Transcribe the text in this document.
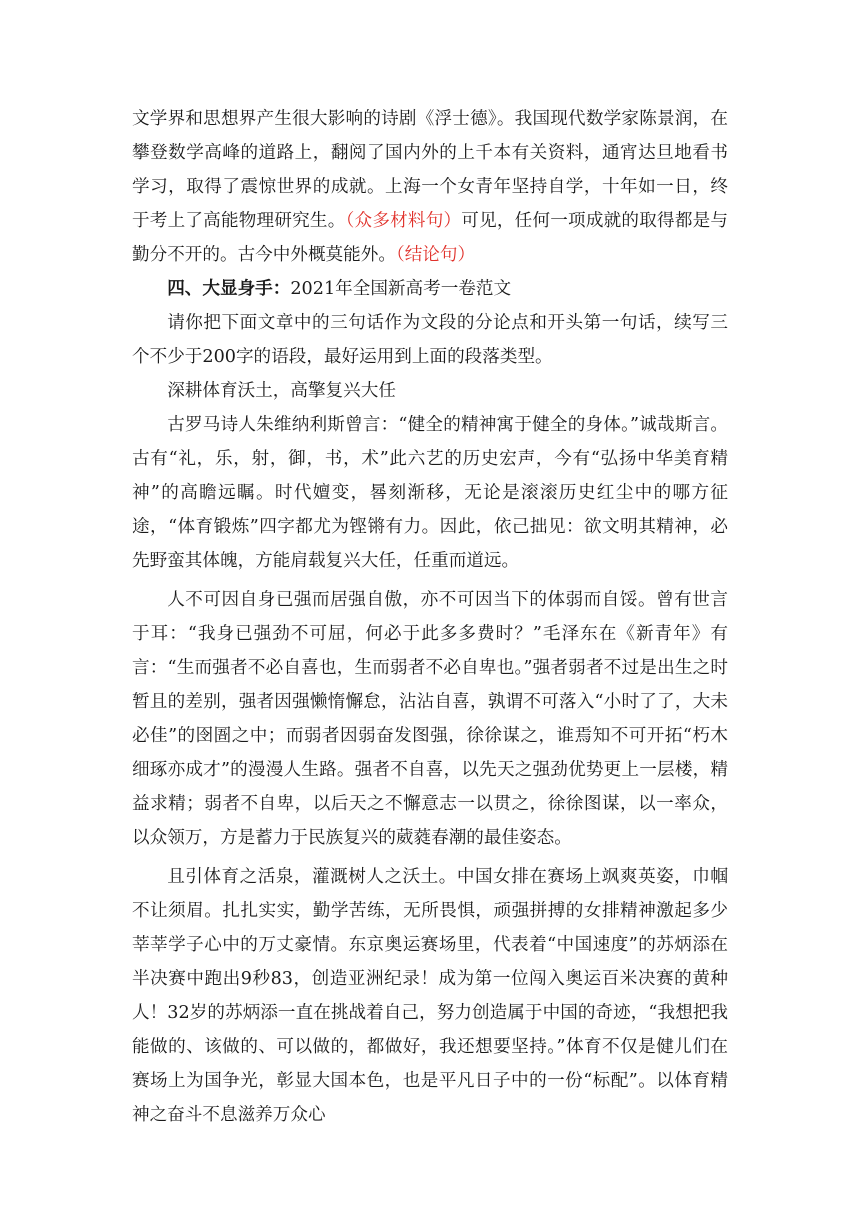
文学界和思想界产生很大影响的诗剧《浮士德》。我国现代数学家陈景润，在攀登数学高峰的道路上，翻阅了国内外的上千本有关资料，通宵达旦地看书学习，取得了震惊世界的成就。上海一个女青年坚持自学，十年如一日，终于考上了高能物理研究生。（众多材料句）可见，任何一项成就的取得都是与勤分不开的。古今中外概莫能外。（结论句）

四、大显身手：2021年全国新高考一卷范文

请你把下面文章中的三句话作为文段的分论点和开头第一句话，续写三个不少于200字的语段，最好运用到上面的段落类型。

深耕体育沃土，高擎复兴大任

古罗马诗人朱维纳利斯曾言：“健全的精神寓于健全的身体。”诚哉斯言。古有“礼，乐，射，御，书，术”此六艺的历史宏声，今有“弘扬中华美育精神”的高瞻远瞩。时代嬗变，晷刻渐移，无论是滚滚历史红尘中的哪方征途，“体育锻炼”四字都尤为铿锵有力。因此，依己拙见：欲文明其精神，必先野蛮其体魄，方能肩载复兴大任，任重而道远。

人不可因自身已强而居强自傲，亦不可因当下的体弱而自馁。曾有世言于耳：“我身已强劲不可屈，何必于此多多费时？”毛泽东在《新青年》有言：“生而强者不必自喜也，生而弱者不必自卑也。”强者弱者不过是出生之时暂且的差别，强者因强懒惰懈怠，沾沾自喜，孰谓不可落入“小时了了，大未必佳”的囹圄之中；而弱者因弱奋发图强，徐徐谋之，谁焉知不可开拓“朽木细琢亦成才”的漫漫人生路。强者不自喜，以先天之强劲优势更上一层楼，精益求精；弱者不自卑，以后天之不懈意志一以贯之，徐徐图谋，以一率众，以众领万，方是蓄力于民族复兴的葳蕤春潮的最佳姿态。

且引体育之活泉，灌溉树人之沃土。中国女排在赛场上飒爽英姿，巾帼不让须眉。扎扎实实，勤学苦练，无所畏惧，顽强拼搏的女排精神激起多少莘莘学子心中的万丈豪情。东京奥运赛场里，代表着“中国速度”的苏炳添在半决赛中跑出9秒83，创造亚洲纪录！成为第一位闯入奥运百米决赛的黄种人！32岁的苏炳添一直在挑战着自己，努力创造属于中国的奇迹，“我想把我能做的、该做的、可以做的，都做好，我还想要坚持。”体育不仅是健儿们在赛场上为国争光，彰显大国本色，也是平凡日子中的一份“标配”。以体育精神之奋斗不息滋养万众心
